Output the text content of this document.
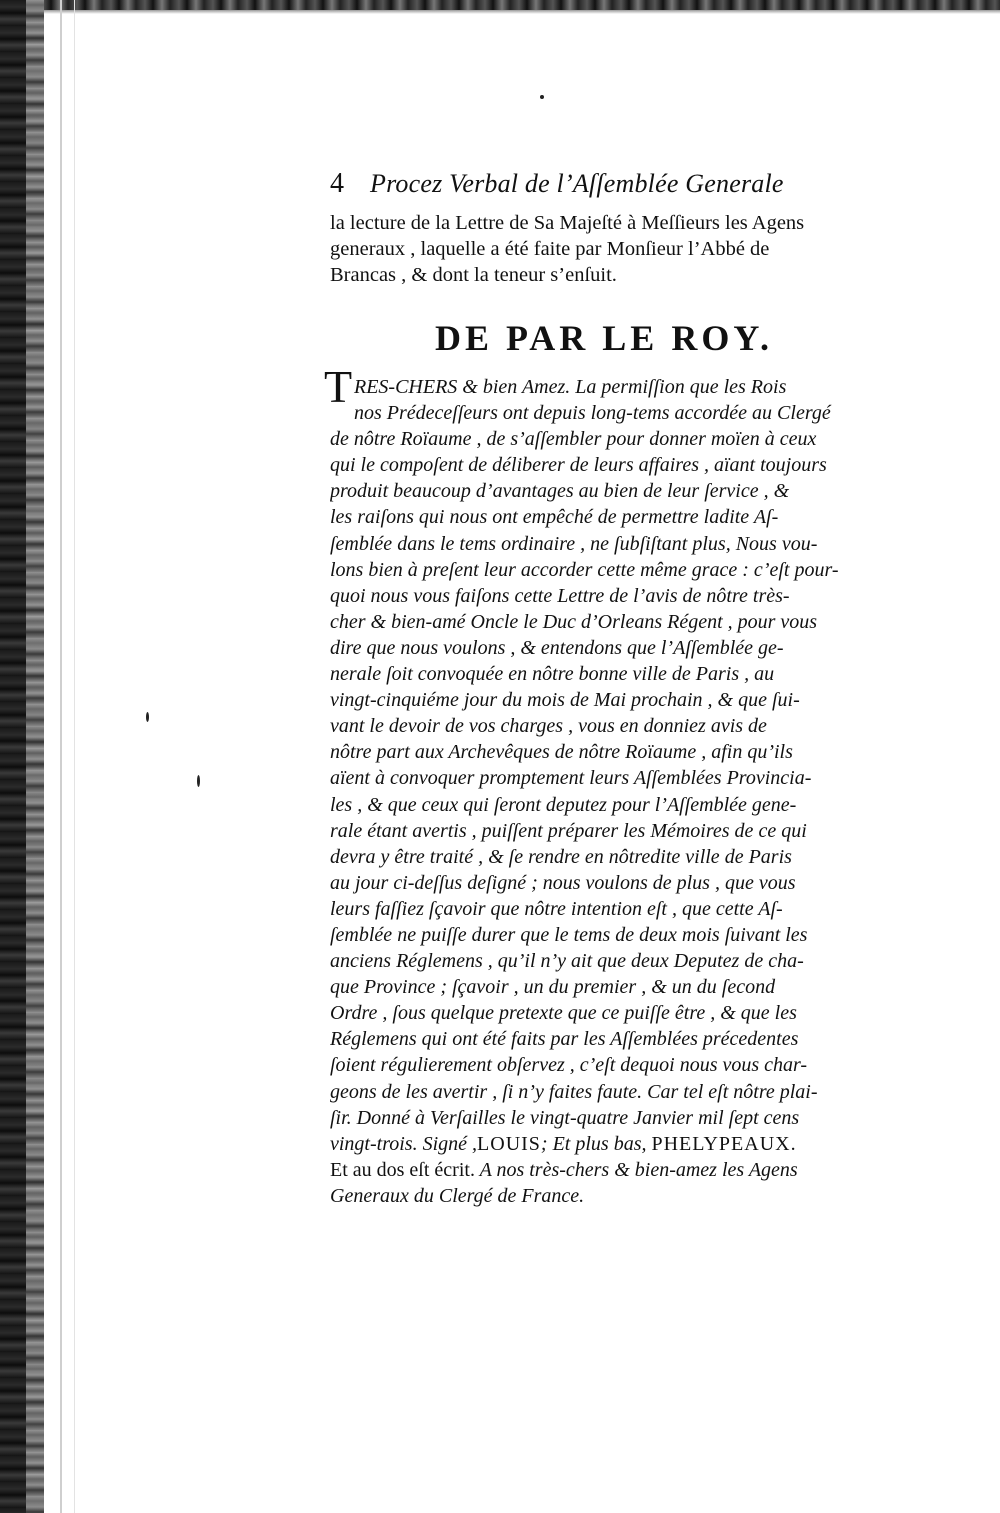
4	Procez Verbal de l’Aſſemblée Generale

la lecture de la Lettre de Sa Majeſté à Meſſieurs les Agens

generaux , laquelle a été faite par Monſieur l’Abbé de

Brancas , & dont la teneur s’enſuit.

DE PAR LE ROY.
T RES-CHERS & bien Amez. La permiſſion que les Rois
nos Prédeceſſeurs ont depuis long-tems accordée au Clergé
de nôtre Roïaume , de s’aſſembler pour donner moïen à ceux
qui le compoſent de déliberer de leurs affaires , aïant toujours
produit beaucoup d’avantages au bien de leur ſervice , &
les raiſons qui nous ont empêché de permettre ladite Aſ-
ſemblée dans le tems ordinaire , ne ſubſiſtant plus, Nous vou-
lons bien à preſent leur accorder cette même grace : c’eſt pour-
quoi nous vous faiſons cette Lettre de l’avis de nôtre très-
cher & bien-amé Oncle le Duc d’Orleans Régent , pour vous
dire que nous voulons , & entendons que l’Aſſemblée ge-
nerale ſoit convoquée en nôtre bonne ville de Paris , au
vingt-cinquiéme jour du mois de Mai prochain , & que ſui-
vant le devoir de vos charges , vous en donniez avis de
nôtre part aux Archevêques de nôtre Roïaume , afin qu’ils
aïent à convoquer promptement leurs Aſſemblées Provincia-
les , & que ceux qui ſeront deputez pour l’Aſſemblée gene-
rale étant avertis , puiſſent préparer les Mémoires de ce qui
devra y être traité , & ſe rendre en nôtredite ville de Paris
au jour ci-deſſus deſigné ; nous voulons de plus , que vous
leurs faſſiez ſçavoir que nôtre intention eſt , que cette Aſ-
ſemblée ne puiſſe durer que le tems de deux mois ſuivant les
anciens Réglemens , qu’il n’y ait que deux Deputez de cha-
que Province ; ſçavoir , un du premier , & un du ſecond
Ordre , ſous quelque pretexte que ce puiſſe être , & que les
Réglemens qui ont été faits par les Aſſemblées précedentes
ſoient régulierement obſervez , c’eſt dequoi nous vous char-
geons de les avertir , ſi n’y faites faute. Car tel eſt nôtre plai-
ſir. Donné à Verſailles le vingt-quatre Janvier mil ſept cens
vingt-trois. Signé ,LOUIS; Et plus bas, PHELYPEAUX.
Et au dos eſt écrit. A nos très-chers & bien-amez les Agens
Generaux du Clergé de France.
